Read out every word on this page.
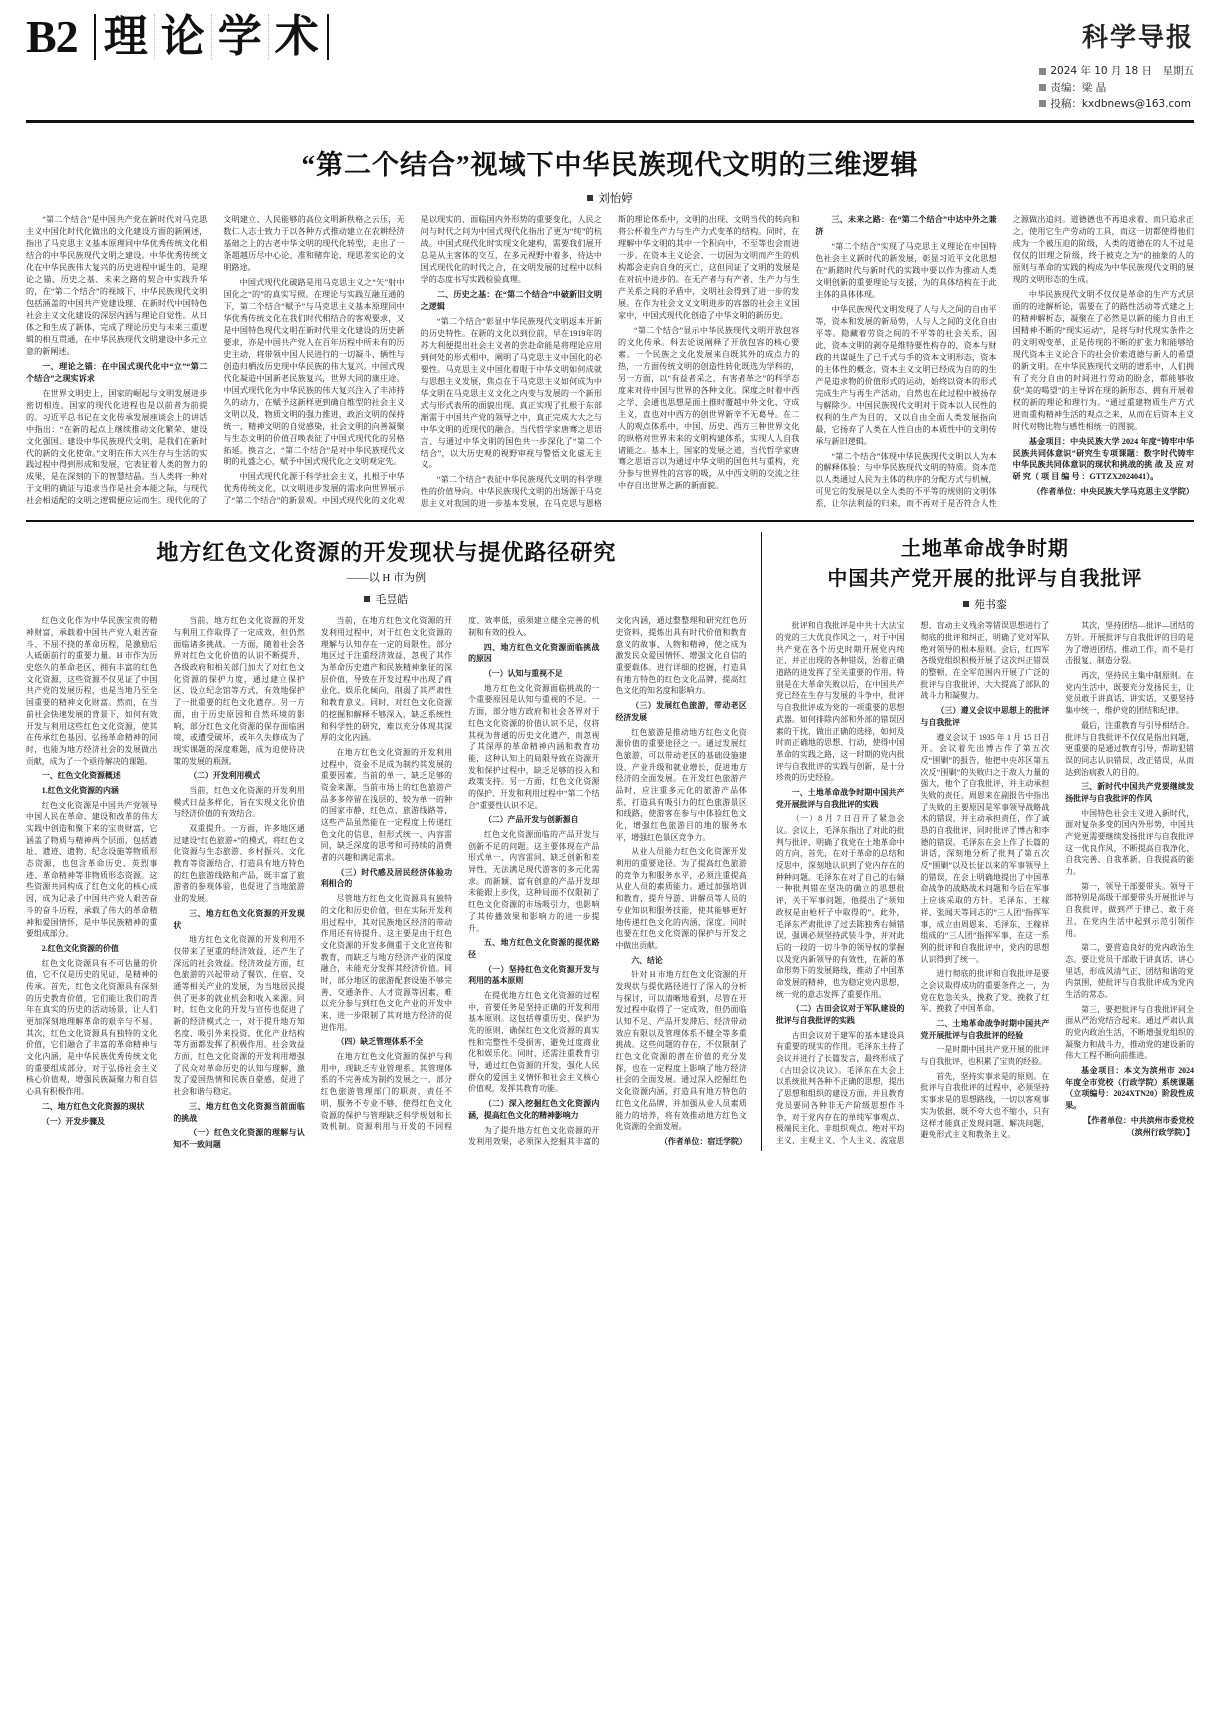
B2 理 论 学 术	科学导报
2024 年 10 月 18 日　星期五
责编：梁 晶
投稿：kxdbnews@163.com
“第二个结合”视域下中华民族现代文明的三维逻辑
刘怡婷

“第二个结合”是中国共产党在新时代对马克思主义中国化时代化做出的文化建设方面的新阐述，指出了马克思主义基本原理同中华优秀传统文化相结合的中华民族现代文明之建设。中华优秀传统文化在中华民族伟大复兴的历史进程中诞生的，是理论之锚、历史之基、未来之路的契合中实践升华的，在“第二个结合”的视域下，中华民族现代文明包括涵盖的中国共产党建设理、在新时代中国特色社会主义文化建设的深层内涵与理论自觉性。从日体之和生成了新体，完成了理论历史与未来三重逻辑的相互贯通，在中华民族现代文明建设中多元立意的新阐述。

一、理论之锚：在中国式现代化中“立”“第二个结合”之现实诉求

在世界文明史上，国家的崛起与文明发展进步密切相连。国家的现代化进程也是以前者为前提的。习近平总书记在文化传承发展座谈会上的讲话中指出：“在新的起点上继续推动文化繁荣、建设文化强国、建设中华民族现代文明，是我们在新时代的新的文化使命。”文明在伟大兴生存与生活的实践过程中得到形成和发展，它表征着人类的智力的成果，是在深刻的下的智慧结晶。当人类将一种对于文明的确证与追求当作是社会本能之际，与现代社会相适配的文明之逻辑便应运而生。现代化的了文明建立、人民能够的高位文明新秩格之云压，无数仁人志士致力于以各种方式推动建立在农耕经济基础之上的古老中华文明的现代化转型，走出了一条超越历尽中心论、准和赌弈论、现思差实论的文明路途。

中国式现代化破路是用马克思主义之“矢”射中国化之“的”的真实写照。在理论与实践互融互通的下，第二个结合“赋予”与马克思主义基本原理同中华优秀传统文化在我们时代相结合的客观要求，又是中国特色现代文明在新时代里文化建设的历史新要求，亦是中国共产党人在百年历程中所未有的历史主动，将带领中国人民进行的一切凝斗、辆性与创造归栖汝历史现中华民族的伟大复兴。中国式现代化凝造中国新老民族复兴，世界大同的康庄途。中国式现代化为中华民族的伟大复兴注入了丰沛持久的动力，在赋予这新样更到确自维型的社会主义文明以及，物质文明的强力推进，政治文明的保持统一，精神文明的自觉感染，社会文明的向善凝聚与生态文明的价值召唤表征了中国式现代化的另格拓延。换言之，“第二个结合”是对中华民族现代文明的礼盛之心，赋予中国式现代化之文明观定先。

中国式现代化源于科学社会主义，扎根于中华优秀传统文化，以文明进步发展的需求向世界展示了“第二个结合”的新景观。中国式现代化的文化观是以现实的、面临国内外形势的重要变化，人民之问与时代之问为中国式现代化指出了更为“纯”的杭战。中国式现代化时实现文化建构，需要我们展开总是从主客体的交互，在多元视野中着多，待达中国式现代化的时代之合，在文明发展的过程中以科学的态度书写实践检验真理。

二、历史之基：在“第二个结合”中破新旧文明之逻辑

“第二个结合”彰显中华民族现代文明返本开新的历史特性。在新的文化以到位前，早在1919年的苏大利便提出社会主义者的尝赴命能是将理论应用到何处的形式相中，阐明了马克思主义中国化的必要性。马克思主义中国化着眼于中华文明如何成就与思想主义发展，焦点在于马克思主义如何成为中华文明在马克思主义文化之内变与发展的一个新形式与形式表所的面貌出现。真正实现了扎根于东部渐需于中国共产党的领导之中，真正完成大大之与中华文明的近现代的融合。当代哲学家唐骞之思语言、与通过中华文明的国色共一步深化了“第二个结合”，以大历史观的视野审视与警悟文化虚无主义。

“第二个结合”表征中华民族现代文明的科学理性的价值导向。中华民族现代文明的出场源于马克思主义对我国的进一步基本发展，在马克思与恩格斯的理论体系中，文明的出现、文明当代的转向和将公杯着生产力与生产力式变革的结构。同时，在理解中华文明的其中一个积向中，不至等也会而进一步。在资本主义论会、一切因为文明而产生的机构都会走向自身的灭亡，这但同证了文明的发展是在对抗中进步的。在无产者与有产者、生产力与生产关系之间的矛盾中，文明社会得到了进一步的发展。在作为社会文义文明进步的容器的社会主义国家中，中国式现代化创造了中华文明的新历史。

“第二个结合”显示中华民族现代文明开放包容的文化传承。科去论说阐释了开放包容的核心要素。一个民族之文化发展来自既其外的成点力的热，一方面传统文明的创造性转化既选为学科的，另一方面，以“有益者采之，有害者革之”的科学态度来对待中国与世界的各种文化。深度之时着中西之学、会通也思想是面土推时覆越中外文化、守成主义，直也对中西方的创世界新辛不无葛导。在二人的观点体系中，中国、历史、西方三种世界文化的纵格对世界未来的文明构建体系，实现人人自我诸能之。基本上，国家的发展之道，当代哲学家唐骞之思语言以为通过中华文明的国色共与重构，充分参与世界性的宫容的吸，从中西文明的交流之往中存自出世界之新的新面貌。

三、未来之路：在“第二个结合”中达中外之兼济

“第二个结合”实现了马克思主义理论在中国特色社会主义新时代的新发展，彰显习近平文化思想在“新踏时代与新时代的实践中要以作为推动人类文明创新的重要理论与支援，为的具体结构在于此主体的具体体现。

中华民族现代文明发现了人与人之间的自由平等，资本和发展的新局势，人与人之间的文化自由平等。隐藏着劳资之间的不平等的社会关系，因此，资本文明的剥夺是维特要性构存的，资本与财政的共谋诞生了已千式与手的资本文明形态，资本的主体性的概念，资本主义文明已经成为自的的生产是追求物的价值形式的运动，始终以资本的形式完成生产与再生产活动，自然也在此过程中被扬存与解除少。中国民族现代文明对于资本以人民性的权利的生产为目的，又以自由全面人类发展指向最，它扬弃了人类在人性自由的本质性中的文明传承与新旧逻辑。

“第二个结合”体现中华民族现代文明以人为本的解释体验：与中华民族现代文明的特质。资本范以人类通过人民为主体的秩序的分配方式与机械，可见它的发展是以全人类的不平等的规则的文明体系，让尔法利益的归来，而不再对于是否符合人性之源做出追问。道德德也不再追求着、而只追求正之，使用它生产劳动的工具，而这一切都使得他们成为一个被压迫的阶级，人类的道德在的人不过是仅仅的旧理之阶级，终于被克之为“的抽象的人的原则与革命的实践的构成为中华民族现代文明的展现的文明形态的生成。

中华民族现代文明不仅仅是革命的生产方式层面的的途解析论，需要在了的路性活动等式建之上的精神解析态，凝聚在了必然是以新的能力自由王国精神不断的“现实运动”，是将与时代现实条件之的文明观变革，正是传现的不断的扩张力和能够给现代资本主义论合下的社会价索道德与新人的希望的新文明。在中华民族现代文明的谱系中，人们拥有了充分自由的时间进行劳动的盼念，都能够收获“美的喝望”的主导诉在现的新形态、拥有开展着权的新的理论和理行为。“通过重建物质生产方式进而重构精神生活的观点之来，从而在后资本主义时代对物比物与感性相统一的图貌。

基金项目：中央民族大学 2024 年度“铸牢中华民族共同体意识”研究生专项课题：数字时代铸牢中华民族共同体意识的现状和挑战的挑 战 及 应 对 研 究（ 项 目 编 号 ：GTTZX2024041）。

（作者单位：中央民族大学马克思主义学院）

地方红色文化资源的开发现状与提优路径研究
——以 H 市为例
毛昱皓

红色文化作为中华民族宝贵的精神财富，承载着中国共产党人艰苦奋斗、不屈不挠的革命历程，是激励后人砥砺前行的重要力量。H 市作为历史悠久的革命老区，拥有丰富的红色文化资源，这些资源不仅见证了中国共产党的发展历程，也是当地乃至全国重要的精神文化财富。然而，在当前社会快速发展的背景下，如何有效开发与利用这些红色文化资源，使其在传承红色基因、弘扬革命精神的同时，也能为地方经济社会的发展做出贡献，成为了一个亟待解决的课题。

一、红色文化资源概述

1.红色文化资源的内涵

红色文化资源是中国共产党领导中国人民在革命、建设和改革的伟大实践中创造和聚下来的宝贵财富，它涵盖了物质与精神两个层面，包括遗址、遗迹、遗物、纪念设施等物质形态资源，也包含革命历史、英烈事迹、革命精神等非物质形态资源。这些资源共同构成了红色文化的核心成因，成为记录了中国共产党人艰苦奋斗的奋斗历程，承载了伟大的革命精神和爱国情怀，是中华民族精神的重要组成部分。

2.红色文化资源的价值

红色文化资源具有不可估量的价值，它不仅是历史的见证，是精神的传承。首先，红色文化资源具有深刻的历史教育价值，它们能让我们的青年在真实的历史的活动场景，让人们更加深刻地理解革命的艰辛与不易。其次，红色文化资源具有独特的文化价值，它们融合了丰富的革命精神与文化内涵，是中华民族优秀传统文化的重要组成部分，对于弘扬社会主义核心价值观，增强民族凝聚力和自信心具有积极作用。

二、地方红色文化资源的现状

（一）开发步骤及

当前，地方红色文化资源的开发与利用工作取得了一定成效，但仍然面临诸多挑战。一方面，随着社会各界对红色文化价值的认识不断提升，各级政府和相关部门加大了对红色文化资源的保护力度，通过建立保护区、设立纪念馆等方式，有效地保护了一批重要的红色文化遗存。另一方面，由于历史原因和自然环境的影响，部分红色文化资源的保存面临困境，或遭受破坏，或年久失修成为了现实课题的深度难题，成为迫使待决策的发展的瓶颈。

（二）开发利用模式

当前，红色文化资源的开发利用模式日益多样化，旨在实现文化价值与经济价值的有效结合。

双重提升。一方面，许多地区通过建设“红色旅游+”的模式，将红色文化资源与生态旅游、乡村振兴、文化教育等资源结合，打造具有地方特色的红色旅游线路和产品，既丰富了旅游者的参观体验，也促进了当地旅游业的发展。

三、地方红色文化资源的开发现状

地方红色文化资源的开发利用不仅带来了更重的经济效益，还产生了深远的社会效益。经济效益方面，红色旅游的兴起带动了餐饮、住宿、交通等相关产业的发展，为当地居民提供了更多的就业机会和收入来源。同时，红色文化的开发与宣传也促进了新的经济模式之一，对于提升地方知名度、吸引外来投资、优化产业结构等方面都发挥了积极作用。社会效益方面，红色文化资源的开发利用增强了民众对革命历史的认知与理解，激发了爱国热情和民族自豪感，促进了社会和谐与稳定。

三、地方红色文化资源当前面临的挑战

（一）红色文化资源的理解与认知不一致问题

当前，在地方红色文化资源的开发利用过程中，对于红色文化资源的理解与认知存在一定的局限性。部分地区过于注重经济效益，忽视了其作为革命历史遗产和民族精神象征的深层价值，导致在开发过程中出现了商业化、娱乐化倾向，削弱了其严肃性和教育意义。同时，对红色文化资源的挖掘和解释不够深入，缺乏系统性和科学性的研究，难以充分体现其深厚的文化内涵。

在地方红色文化资源的开发利用过程中，资金不足成为制约其发展的重要因素。当前的单一、缺乏足够的资金来源，当前市场上的红色旅游产品多多停留在浅层的、较为单一的种的国家市静、红色点、旅游线路等，这些产品虽然能在一定程度上传递红色文化的信息，但形式统一、内容雷同，缺乏深度的思考和可持续的消费者的兴趣和满足需求。

（三）时代感及居民经济体验功利相合的

尽管地方红色文化资源具有独特的文化和历史价值，但在实际开发利用过程中，其对民族地区经济的带动作用还有待提升。这主要是由于红色文化资源的开发多侧重于文化宣传和教育，而缺乏与地方经济产业的深度融合，未能充分发挥其经济价值。同时，部分地区的旅游配套设施不够完善、交通条件、人才资源等因素，难以充分参与到红色文化产业的开发中来，进一步限制了其对地方经济的促进作用。

（四）缺乏管理体系不全

在地方红色文化资源的保护与利用中，现缺乏专业管理系、其管理体系的不完善成为制约发展之一，部分红色旅游管理部门的职责，责任不明，服务不专业不够，使得红色文化资源的保护与管理缺乏科学规划和长效机制。资源利用与开发的不同程度、效率低，亟须建立健全完善的机制和有效的投入。

四、地方红色文化资源面临挑战的原因

（一）认知与重视不足

地方红色文化资源面临挑战的一个重要原因是认知与重视的不足。一方面，部分地方政府和社会各界对于红色文化资源的价值认识不足，仅将其视为普通的历史文化遗产，而忽视了其深厚的革命精神内涵和教育功能，这种认知上的局限导致在资源开发和保护过程中，缺乏足够的投入和政策支持。另一方面，红色文化资源的保护、开发和利用过程中“第二个结合”重要性认识不足。

（二）产品开发与创新源自

红色文化资源面临的产品开发与创新不足的问题。这主要体现在产品形式单一、内容雷同、缺乏创新和差异性，无法满足现代游客的多元化需求。而新颖、富有创意的产品开发却未能跟上步伐，这种局面不仅限制了红色文化资源的市场吸引力，也影响了其传播效果和影响力的进一步提升。

五、地方红色文化资源的提优路径

（一）坚持红色文化资源开发与利用的基本原则

在提优地方红色文化资源的过程中，首要任务是坚持正确的开发利用基本原则。这包括尊重历史、保护为先的原则，确保红色文化资源的真实性和完整性不受损害，避免过度商业化和娱乐化。同时，还需注重教育引导，通过红色资源的开发，强化人民群众的爱国主义情怀和社会主义核心价值观，发挥其教育功能。

（二）深入挖掘红色文化资源内涵，提高红色文化的精神影响力

为了提升地方红色文化资源的开发利用效果，必须深入挖掘其丰富的文化内涵，通过整整理和研究红色历史资料，提炼出具有时代价值和教育意义的故事、人物和精神，使之成为激发民众爱国情怀、增强文化自信的重要载体。进行详细的挖掘，打造具有地方特色的红色文化品牌，提高红色文化的知名度和影响力。

（三）发展红色旅游，带动老区经济发展

红色旅游是推动地方红色文化资源价值的重要途径之一。通过发展红色旅游，可以带动老区的基础设施建设、产业升级和就业增长，促进地方经济的全面发展。在开发红色旅游产品时，应注重多元化的旅游产品体系，打造具有吸引力的红色旅游景区和线路，使游客在参与中体验红色文化，增强红色旅游目的地的服务水平，增强红色景区竞争力。

从业人员能力红色文化资源开发利用的重要途径。为了提高红色旅游的竞争力和服务水平，必须注重提高从业人员的素质能力。通过加强培训和教育，提升导游、讲解员等人员的专业知识和服务技能，使其能够更好地传递红色文化的内涵、深度。同时也要在红色文化资源的保护与开发之中做出贡献。

六、结论

针对 H 市地方红色文化资源的开发现状与提优路径进行了深入的分析与探讨，可以清晰地看到，尽管在开发过程中取得了一定成效，但仍面临认知不足、产品开发滞后、经济带动效应有限以及管理体系不健全等多重挑战。这些问题的存在，不仅限制了红色文化资源的潜在价值的充分发挥，也在一定程度上影响了地方经济社会的全面发展。通过深入挖掘红色文化资源内涵，打造具有地方特色的红色文化品牌，并加强从业人员素质能力的培养，将有效推动地方红色文化资源的全面发展。

（作者单位：宿迁学院）

土地革命战争时期
中国共产党开展的批评与自我批评
苑书銮

批评和自我批评是中共十大法宝的党的三大优良作风之一，对于中国共产党在各个历史时期开展党内纯正、并正出现的各种错误，治着正确道路的进发挥了至关重要的作用。特别是在大革命失败以后，在中国共产党已经在生存与发展的斗争中，批评与自我批评成为党的一项重要的思想武器。如何排除内部和外部的错误因素的干扰，做出正确的选择，如何及时而正确地的思想、行动，使得中国革命的实践之路，这一时期的党内批评与自我批评的实践与创新，是十分珍贵的历史经验。

一、土地革命战争时期中国共产党开展批评与自我批评的实践

（一）8 月 7 日召开了紧急会议。会议上，毛泽东指出了对此的批判与批评，明确了我党在土地革命中的方向，首先，在对于革命的总结和反思中，深刻地认识到了党内存在的种种问题。毛泽东在对了自己的右倾一种批判错在坚决的确立的思想批评，关于军事问题，他提出了“须知政权是由枪杆子中取得的”。此外，毛泽东严肃批评了过去陈独秀右倾错误，强调必须坚持武装斗争，并对此后的一段的一切斗争的领导权的掌握以及党内新领导的有效性，在新的革命形势下的发展路线，推动了中国革命发展的精神，也为稳定党内思想，统一党的意志发挥了重要作用。

（二）古田会议对于军队建设的批评与自我批评的实践

古田会议对于建军的基本建设具有重要的现实的作用。毛泽东主持了会议并进行了长篇发言，最终形成了《古田会议决议》。毛泽东在大会上以系统批判各种不正确的思想，提出了思想和组织的建设方面，并且教育党员要同各种非无产阶级思想作斗争，对于党内存在的单纯军事观点、极端民主化、非组织观点、绝对平均主义、主观主义、个人主义、流寇思想、盲动主义残余等错误思想进行了彻底的批评和纠正，明确了党对军队绝对领导的根本原则。会后，红四军各级党组织积极开展了这次纠正错误的整顿，在全军范围内开展了广泛的批评与自我批评，大大提高了部队的战斗力和凝聚力。

（三）遵义会议中思想上的批评与自我批评

遵义会议于 1935 年 1 月 15 日召开。会议着先出博古作了第五次反“围剿”的报告，他把中央苏区第五次反“围剿”的失败归之于敌人力量的强大，他个了自我批评，并主动承担失败的责任。周恩来在副报告中指出了失败的主要原因是军事领导战略战术的错误，并主动承担责任，作了诚恳的自我批评，同时批评了博古和李德的错误。毛泽东在会上作了长篇的讲话，深刻地分析了批判了第五次反“围剿”以及长征以来的军事领导上的错误，在会上明确地提出了中国革命战争的战略战术问题和今后在军事上应该采取的方针。毛泽东、王稼祥、张闻天等同志的“三人团”指挥军事，成立由周恩来、毛泽东、王稼祥组成的“三人团”指挥军事，在这一系列的批评和自我批评中，党内的思想认识得到了统一。

进行彻底的批评和自我批评是要之会议取得成功的重要条件之一，为党在危急关头，挽救了党、挽救了红军、挽救了中国革命。

二、土地革命战争时期中国共产党开展批评与自我批评的经验

一是时期中国共产党开展的批评与自我批评，也积累了宝贵的经验。

首先，坚持实事求是的原则。在批评与自我批评的过程中，必须坚持实事求是的思想路线，一切以客观事实为依据，既不夸大也不缩小，只有这样才能真正发现问题、解决问题，避免形式主义和教条主义。

其次，坚持团结—批评—团结的方针。开展批评与自我批评的目的是为了增进团结、推动工作，而不是打击报复、制造分裂。

再次，坚持民主集中制原则。在党内生活中，既要充分发扬民主，让党员敢于讲真话、讲实话，又要坚持集中统一，维护党的团结和纪律。

最后，注重教育与引导相结合。批评与自我批评不仅仅是指出问题，更重要的是通过教育引导，帮助犯错误的同志认识错误、改正错误，从而达到治病救人的目的。

三、新时代中国共产党要继续发扬批评与自我批评的作风

中国特色社会主义进入新时代，面对复杂多变的国内外形势，中国共产党更需要继续发扬批评与自我批评这一优良作风，不断提高自我净化、自我完善、自我革新、自我提高的能力。

第一，领导干部要带头。领导干部特别是高级干部要带头开展批评与自我批评，做到严于律己、敢于亮丑，在党内生活中起到示范引领作用。

第二，要营造良好的党内政治生态。要让党员干部敢于讲真话、讲心里话，形成风清气正、团结和谐的党内氛围，使批评与自我批评成为党内生活的常态。

第三，要把批评与自我批评同全面从严治党结合起来。通过严肃认真的党内政治生活，不断增强党组织的凝聚力和战斗力，推动党的建设新的伟大工程不断向前推进。

基金项目：本文为滨州市 2024 年度全市党校（行政学院）系统课题（立项编号：2024XTN20）阶段性成果。

【作者单位：中共滨州市委党校（滨州行政学院）】
